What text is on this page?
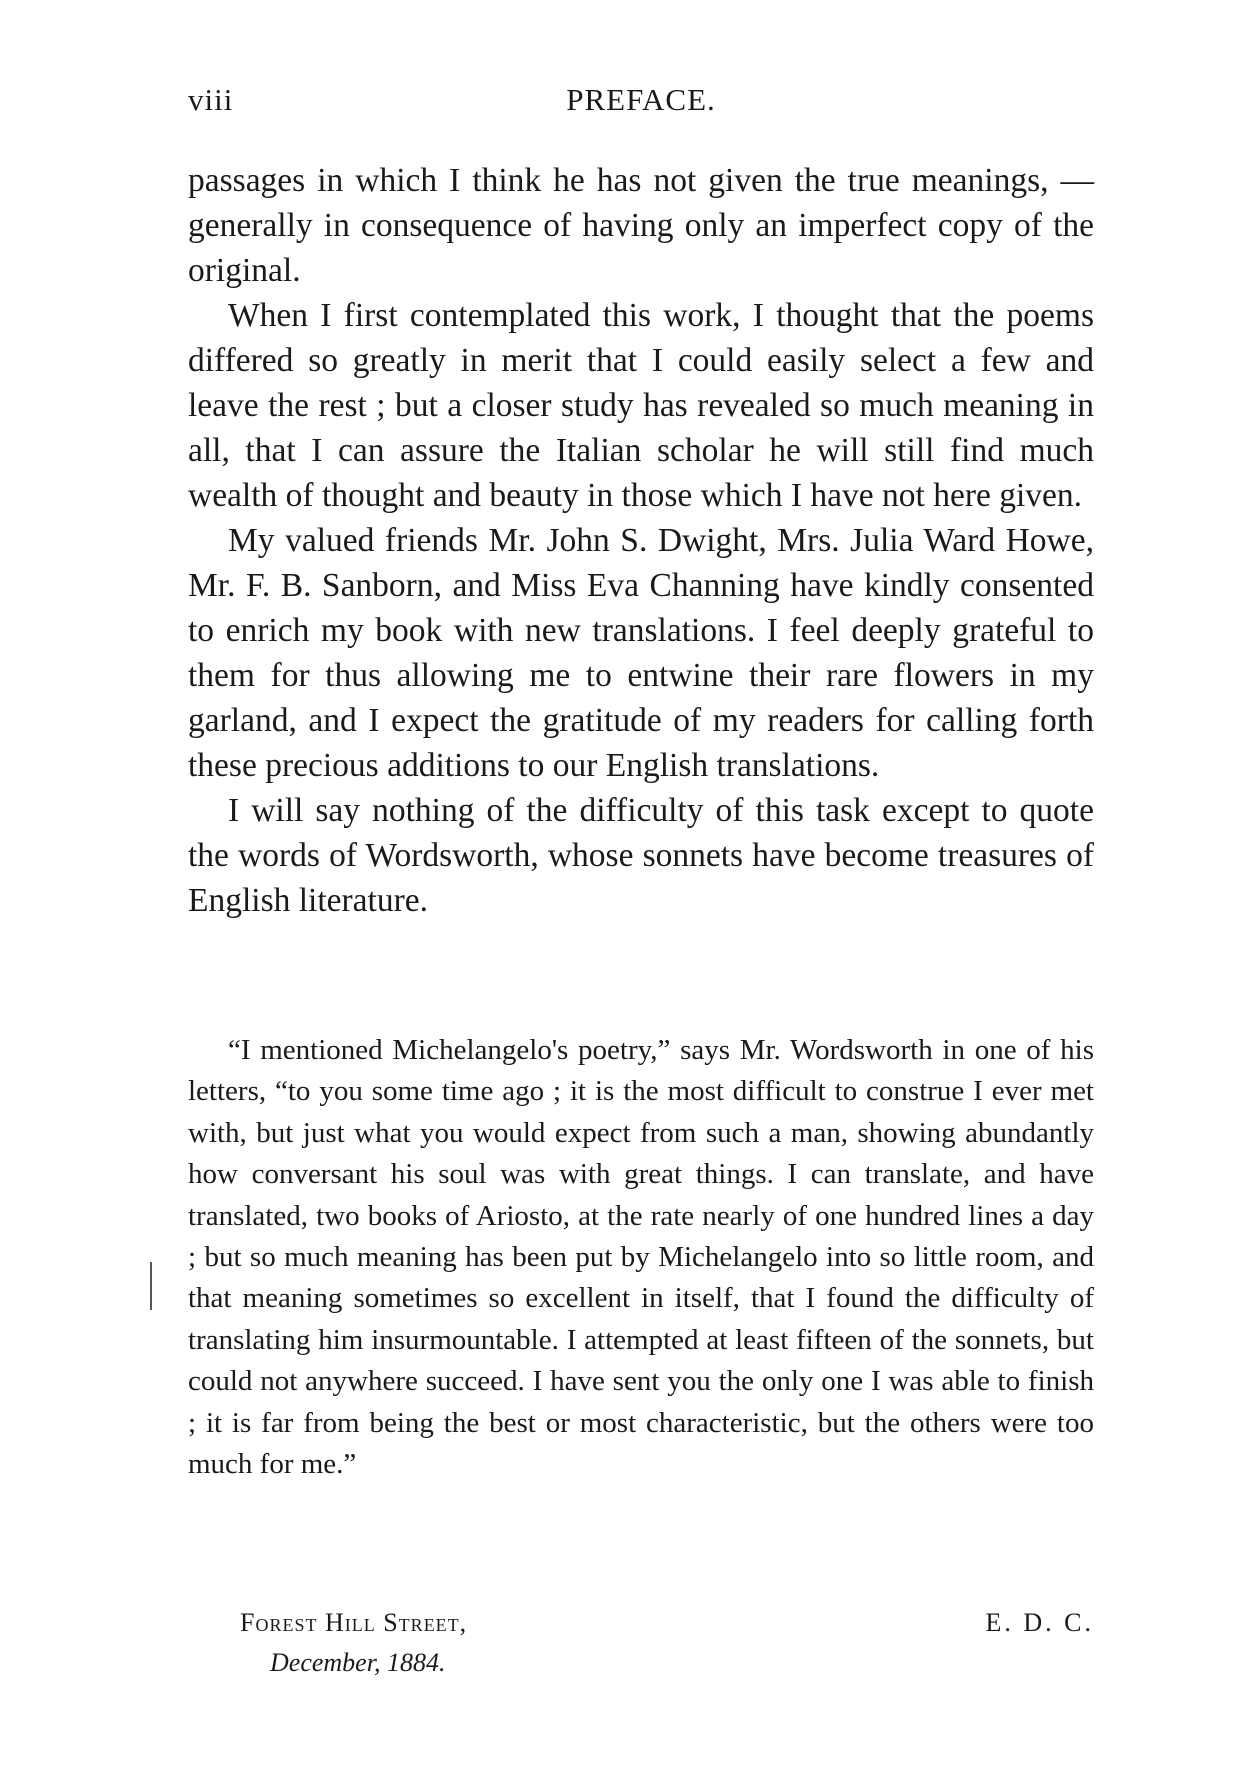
viii	PREFACE.

passages in which I think he has not given the true meanings, — generally in consequence of having only an imperfect copy of the original.

When I first contemplated this work, I thought that the poems differed so greatly in merit that I could easily select a few and leave the rest ; but a closer study has revealed so much meaning in all, that I can assure the Italian scholar he will still find much wealth of thought and beauty in those which I have not here given.

My valued friends Mr. John S. Dwight, Mrs. Julia Ward Howe, Mr. F. B. Sanborn, and Miss Eva Channing have kindly consented to enrich my book with new translations. I feel deeply grateful to them for thus allowing me to entwine their rare flowers in my garland, and I expect the gratitude of my readers for calling forth these precious additions to our English translations.

I will say nothing of the difficulty of this task except to quote the words of Wordsworth, whose sonnets have become treasures of English literature.

“I mentioned Michelangelo's poetry,” says Mr. Wordsworth in one of his letters, “to you some time ago ; it is the most difficult to construe I ever met with, but just what you would expect from such a man, showing abundantly how conversant his soul was with great things. I can translate, and have translated, two books of Ariosto, at the rate nearly of one hundred lines a day ; but so much meaning has been put by Michelangelo into so little room, and that meaning sometimes so excellent in itself, that I found the difficulty of translating him insurmountable. I attempted at least fifteen of the sonnets, but could not anywhere succeed. I have sent you the only one I was able to finish ; it is far from being the best or most characteristic, but the others were too much for me.”

Forest Hill Street,
December, 1884.
E. D. C.
